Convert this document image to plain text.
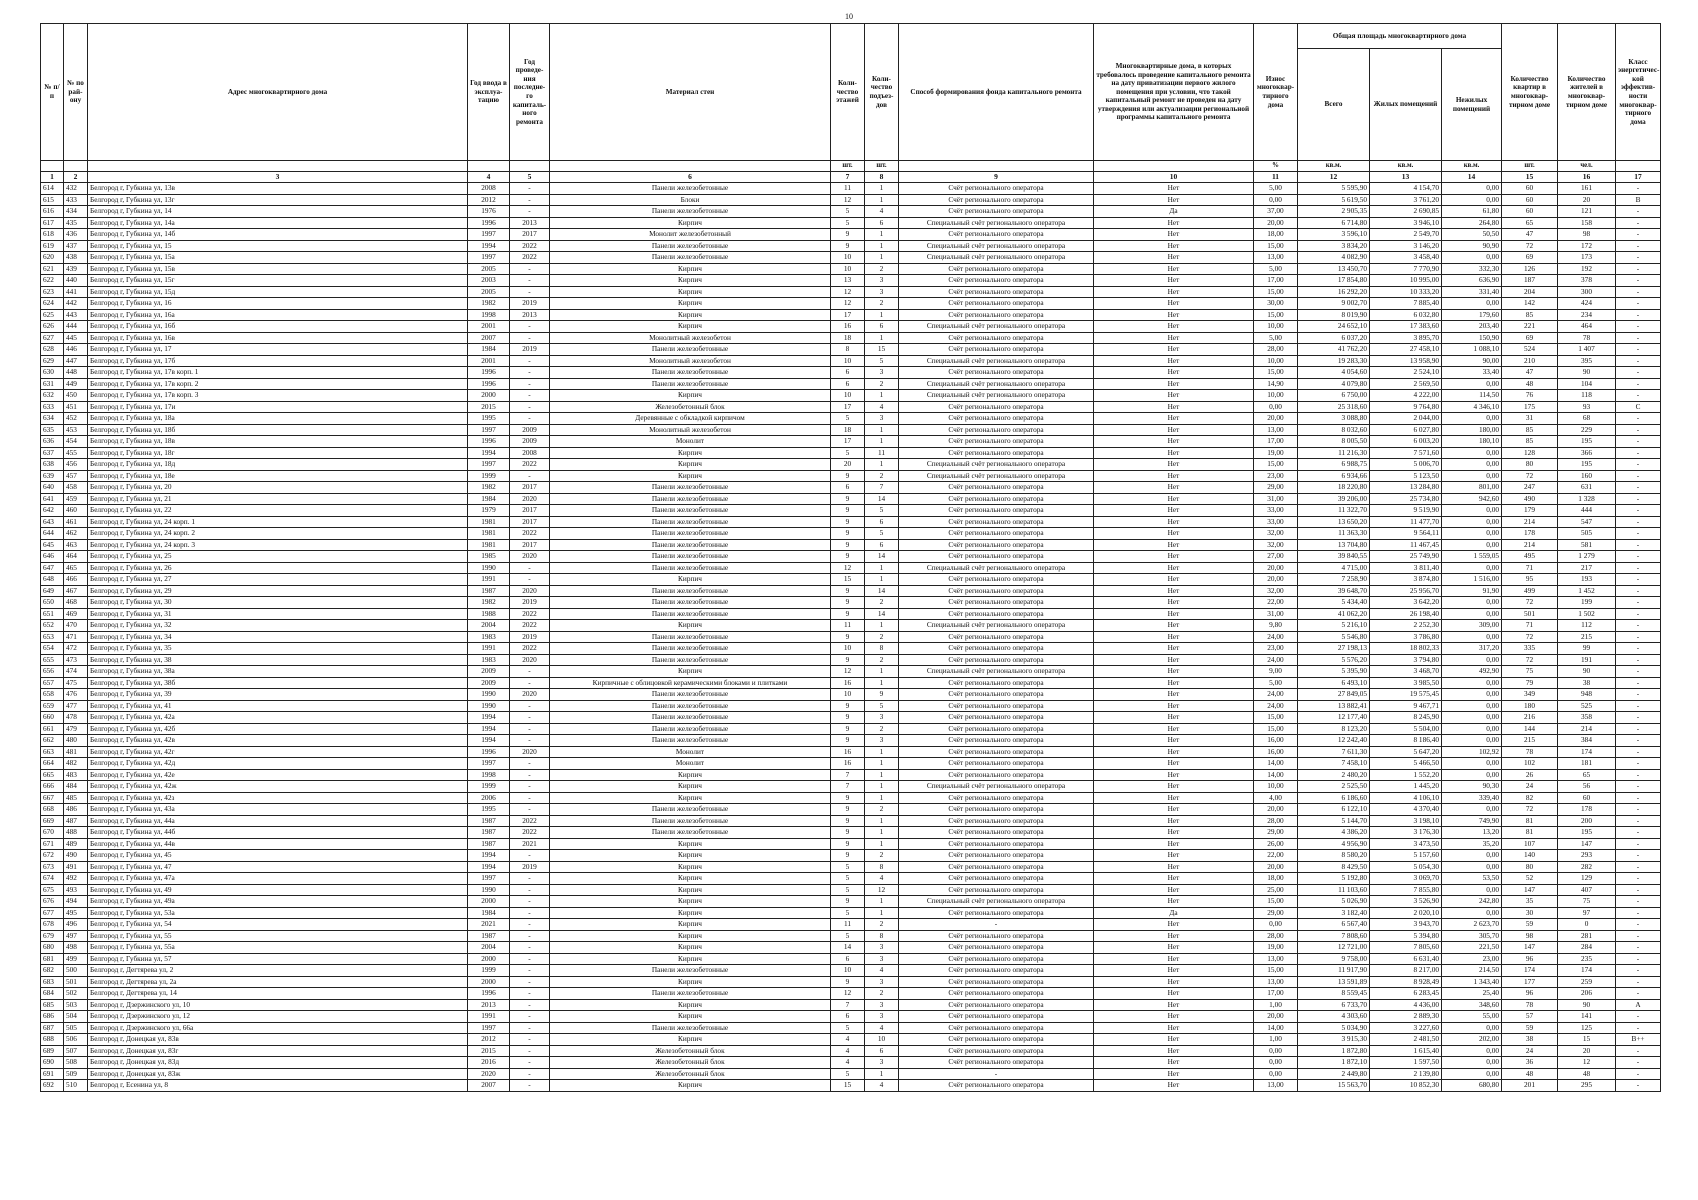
10
№ п/п	№ по рай-ону	Адрес многоквартирного дома	Год ввода в эксплуа-тацию	Год проведе-ния последне-го капиталь-ного ремонта	Материал стен	Коли-чество этажей	Коли-чество подъез-дов	Способ формирования фонда капитального ремонта	Многоквартирные дома, в которых требовалось проведение капитального ремонта на дату приватизации первого жилого помещения при условии, что такой капитальный ремонт не проведен на дату утверждения или актуализации региональной программы капитального ремонта	Износ многоквар-тирного дома	Общая площадь многоквартирного дома			Количество квартир в многоквар-тирном доме	Количество жителей в многоквар-тирном доме	Класс энергетичес-кой эффектив-ности многоквар-тирного дома
											Всего	Жилых помещений	Нежилых помещений			
						шт.	шт.			%	кв.м.	кв.м.	кв.м.	шт.	чел.	
1	2	3	4	5	6	7	8	9	10	11	12	13	14	15	16	17
614	432	Белгород г, Губкина ул, 13в	2008	-	Панели железобетонные	11	1	Счёт регионального оператора	Нет	5,00	5 595,90	4 154,70	0,00	60	161	-
615	433	Белгород г, Губкина ул, 13г	2012	-	Блоки	12	1	Счёт регионального оператора	Нет	0,00	5 619,50	3 761,20	0,00	60	20	В
616	434	Белгород г, Губкина ул, 14	1976	-	Панели железобетонные	5	4	Счёт регионального оператора	Да	37,00	2 905,35	2 690,85	61,80	60	121	-
617	435	Белгород г, Губкина ул, 14а	1996	2013	Кирпич	5	6	Специальный счёт регионального оператора	Нет	20,00	6 714,80	3 946,10	264,80	65	158	-
618	436	Белгород г, Губкина ул, 14б	1997	2017	Монолит железобетонный	9	1	Счёт регионального оператора	Нет	18,00	3 596,10	2 549,70	50,50	47	98	-
619	437	Белгород г, Губкина ул, 15	1994	2022	Панели железобетонные	9	1	Специальный счёт регионального оператора	Нет	15,00	3 834,20	3 146,20	90,90	72	172	-
620	438	Белгород г, Губкина ул, 15а	1997	2022	Панели железобетонные	10	1	Специальный счёт регионального оператора	Нет	13,00	4 082,90	3 458,40	0,00	69	173	-
621	439	Белгород г, Губкина ул, 15в	2005	-	Кирпич	10	2	Счёт регионального оператора	Нет	5,00	13 450,70	7 770,90	332,30	126	192	-
622	440	Белгород г, Губкина ул, 15г	2003	-	Кирпич	13	3	Счёт регионального оператора	Нет	17,00	17 854,80	10 995,00	636,90	187	378	-
623	441	Белгород г, Губкина ул, 15д	2005	-	Кирпич	12	3	Счёт регионального оператора	Нет	15,00	16 292,20	10 333,20	331,40	204	300	-
624	442	Белгород г, Губкина ул, 16	1982	2019	Кирпич	12	2	Счёт регионального оператора	Нет	30,00	9 002,70	7 885,40	0,00	142	424	-
625	443	Белгород г, Губкина ул, 16а	1998	2013	Кирпич	17	1	Счёт регионального оператора	Нет	15,00	8 019,90	6 032,80	179,60	85	234	-
626	444	Белгород г, Губкина ул, 16б	2001	-	Кирпич	16	6	Специальный счёт регионального оператора	Нет	10,00	24 652,10	17 383,60	203,40	221	464	-
627	445	Белгород г, Губкина ул, 16в	2007	-	Монолитный железобетон	18	1	Счёт регионального оператора	Нет	5,00	6 037,20	3 895,70	150,90	69	78	-
628	446	Белгород г, Губкина ул, 17	1984	2019	Панели железобетонные	8	15	Счёт регионального оператора	Нет	28,00	41 762,20	27 458,10	1 088,10	524	1 407	-
629	447	Белгород г, Губкина ул, 17б	2001	-	Монолитный железобетон	10	5	Специальный счёт регионального оператора	Нет	10,00	19 283,30	13 958,90	90,00	210	395	-
630	448	Белгород г, Губкина ул, 17в корп. 1	1996	-	Панели железобетонные	6	3	Счёт регионального оператора	Нет	15,00	4 054,60	2 524,10	33,40	47	90	-
631	449	Белгород г, Губкина ул, 17в корп. 2	1996	-	Панели железобетонные	6	2	Специальный счёт регионального оператора	Нет	14,90	4 079,80	2 569,50	0,00	48	104	-
632	450	Белгород г, Губкина ул, 17в корп. 3	2000	-	Кирпич	10	1	Специальный счёт регионального оператора	Нет	10,00	6 750,00	4 222,00	114,50	76	118	-
633	451	Белгород г, Губкина ул, 17и	2015	-	Железобетонный блок	17	4	Счёт регионального оператора	Нет	0,00	25 318,60	9 764,80	4 346,10	175	93	С
634	452	Белгород г, Губкина ул, 18а	1995	-	Деревянные с обкладкой кирпичом	5	3	Счёт регионального оператора	Нет	20,00	3 088,80	2 044,00	0,00	31	68	-
635	453	Белгород г, Губкина ул, 18б	1997	2009	Монолитный железобетон	18	1	Счёт регионального оператора	Нет	13,00	8 032,60	6 027,80	180,00	85	229	-
636	454	Белгород г, Губкина ул, 18в	1996	2009	Монолит	17	1	Счёт регионального оператора	Нет	17,00	8 005,50	6 003,20	180,10	85	195	-
637	455	Белгород г, Губкина ул, 18г	1994	2008	Кирпич	5	11	Счёт регионального оператора	Нет	19,00	11 216,30	7 571,60	0,00	128	366	-
638	456	Белгород г, Губкина ул, 18д	1997	2022	Кирпич	20	1	Специальный счёт регионального оператора	Нет	15,00	6 988,75	5 006,70	0,00	80	195	-
639	457	Белгород г, Губкина ул, 18е	1999	-	Кирпич	9	2	Специальный счёт регионального оператора	Нет	23,00	6 934,66	5 123,50	0,00	72	160	-
640	458	Белгород г, Губкина ул, 20	1982	2017	Панели железобетонные	6	7	Счёт регионального оператора	Нет	29,00	18 220,80	13 284,80	801,00	247	631	-
641	459	Белгород г, Губкина ул, 21	1984	2020	Панели железобетонные	9	14	Счёт регионального оператора	Нет	31,00	39 206,00	25 734,80	942,60	490	1 328	-
642	460	Белгород г, Губкина ул, 22	1979	2017	Панели железобетонные	9	5	Счёт регионального оператора	Нет	33,00	11 322,70	9 519,90	0,00	179	444	-
643	461	Белгород г, Губкина ул, 24 корп. 1	1981	2017	Панели железобетонные	9	6	Счёт регионального оператора	Нет	33,00	13 650,20	11 477,70	0,00	214	547	-
644	462	Белгород г, Губкина ул, 24 корп. 2	1981	2022	Панели железобетонные	9	5	Счёт регионального оператора	Нет	32,00	11 363,30	9 564,11	0,00	178	505	-
645	463	Белгород г, Губкина ул, 24 корп. 3	1981	2017	Панели железобетонные	9	6	Счёт регионального оператора	Нет	32,00	13 704,80	11 467,45	0,00	214	581	-
646	464	Белгород г, Губкина ул, 25	1985	2020	Панели железобетонные	9	14	Счёт регионального оператора	Нет	27,00	39 840,55	25 749,90	1 559,05	495	1 279	-
647	465	Белгород г, Губкина ул, 26	1990	-	Панели железобетонные	12	1	Специальный счёт регионального оператора	Нет	20,00	4 715,00	3 811,40	0,00	71	217	-
648	466	Белгород г, Губкина ул, 27	1991	-	Кирпич	15	1	Счёт регионального оператора	Нет	20,00	7 258,90	3 874,80	1 516,00	95	193	-
649	467	Белгород г, Губкина ул, 29	1987	2020	Панели железобетонные	9	14	Счёт регионального оператора	Нет	32,00	39 648,70	25 956,70	91,90	499	1 452	-
650	468	Белгород г, Губкина ул, 30	1982	2019	Панели железобетонные	9	2	Счёт регионального оператора	Нет	22,00	5 434,40	3 642,20	0,00	72	199	-
651	469	Белгород г, Губкина ул, 31	1988	2022	Панели железобетонные	9	14	Счёт регионального оператора	Нет	31,00	41 062,20	26 198,40	0,00	501	1 502	-
652	470	Белгород г, Губкина ул, 32	2004	2022	Кирпич	11	1	Специальный счёт регионального оператора	Нет	9,80	5 216,10	2 252,30	309,00	71	112	-
653	471	Белгород г, Губкина ул, 34	1983	2019	Панели железобетонные	9	2	Счёт регионального оператора	Нет	24,00	5 546,80	3 786,80	0,00	72	215	-
654	472	Белгород г, Губкина ул, 35	1991	2022	Панели железобетонные	10	8	Счёт регионального оператора	Нет	23,00	27 198,13	18 802,33	317,20	335	99	-
655	473	Белгород г, Губкина ул, 38	1983	2020	Панели железобетонные	9	2	Счёт регионального оператора	Нет	24,00	5 576,20	3 794,80	0,00	72	191	-
656	474	Белгород г, Губкина ул, 38а	2009	-	Кирпич	12	1	Специальный счёт регионального оператора	Нет	9,00	5 395,90	3 468,70	492,90	75	90	-
657	475	Белгород г, Губкина ул, 38б	2009	-	Кирпичные с облицовкой керамическими блоками и плитками	16	1	Счёт регионального оператора	Нет	5,00	6 493,10	3 985,50	0,00	79	38	-
658	476	Белгород г, Губкина ул, 39	1990	2020	Панели железобетонные	10	9	Счёт регионального оператора	Нет	24,00	27 849,05	19 575,45	0,00	349	948	-
659	477	Белгород г, Губкина ул, 41	1990	-	Панели железобетонные	9	5	Счёт регионального оператора	Нет	24,00	13 882,41	9 467,71	0,00	180	525	-
660	478	Белгород г, Губкина ул, 42а	1994	-	Панели железобетонные	9	3	Счёт регионального оператора	Нет	15,00	12 177,40	8 245,90	0,00	216	358	-
661	479	Белгород г, Губкина ул, 42б	1994	-	Панели железобетонные	9	2	Счёт регионального оператора	Нет	15,00	8 123,20	5 504,00	0,00	144	214	-
662	480	Белгород г, Губкина ул, 42в	1994	-	Панели железобетонные	9	3	Счёт регионального оператора	Нет	16,00	12 242,40	8 186,40	0,00	215	384	-
663	481	Белгород г, Губкина ул, 42г	1996	2020	Монолит	16	1	Счёт регионального оператора	Нет	16,00	7 611,30	5 647,20	102,92	78	174	-
664	482	Белгород г, Губкина ул, 42д	1997	-	Монолит	16	1	Счёт регионального оператора	Нет	14,00	7 458,10	5 466,50	0,00	102	181	-
665	483	Белгород г, Губкина ул, 42е	1998	-	Кирпич	7	1	Счёт регионального оператора	Нет	14,00	2 480,20	1 552,20	0,00	26	65	-
666	484	Белгород г, Губкина ул, 42ж	1999	-	Кирпич	7	1	Специальный счёт регионального оператора	Нет	10,00	2 525,50	1 445,20	90,30	24	56	-
667	485	Белгород г, Губкина ул, 42з	2006	-	Кирпич	9	1	Счёт регионального оператора	Нет	4,00	6 186,60	4 106,10	339,40	82	60	-
668	486	Белгород г, Губкина ул, 43а	1995	-	Панели железобетонные	9	2	Счёт регионального оператора	Нет	20,00	6 122,10	4 370,40	0,00	72	178	-
669	487	Белгород г, Губкина ул, 44а	1987	2022	Панели железобетонные	9	1	Счёт регионального оператора	Нет	28,00	5 144,70	3 198,10	749,90	81	200	-
670	488	Белгород г, Губкина ул, 44б	1987	2022	Панели железобетонные	9	1	Счёт регионального оператора	Нет	29,00	4 386,20	3 176,30	13,20	81	195	-
671	489	Белгород г, Губкина ул, 44в	1987	2021	Кирпич	9	1	Счёт регионального оператора	Нет	26,00	4 956,90	3 473,50	35,20	107	147	-
672	490	Белгород г, Губкина ул, 45	1994	-	Кирпич	9	2	Счёт регионального оператора	Нет	22,00	8 580,20	5 157,60	0,00	140	293	-
673	491	Белгород г, Губкина ул, 47	1994	2019	Кирпич	5	8	Счёт регионального оператора	Нет	20,00	8 429,50	5 054,30	0,00	80	282	-
674	492	Белгород г, Губкина ул, 47а	1997	-	Кирпич	5	4	Счёт регионального оператора	Нет	18,00	5 192,80	3 069,70	53,50	52	129	-
675	493	Белгород г, Губкина ул, 49	1990	-	Кирпич	5	12	Счёт регионального оператора	Нет	25,00	11 103,60	7 855,80	0,00	147	407	-
676	494	Белгород г, Губкина ул, 49а	2000	-	Кирпич	9	1	Специальный счёт регионального оператора	Нет	15,00	5 026,90	3 526,90	242,80	35	75	-
677	495	Белгород г, Губкина ул, 53а	1984	-	Кирпич	5	1	Счёт регионального оператора	Да	29,00	3 182,40	2 020,10	0,00	30	97	-
678	496	Белгород г, Губкина ул, 54	2021	-	Кирпич	11	2	-	Нет	0,00	6 567,40	3 943,70	2 623,70	59	0	-
679	497	Белгород г, Губкина ул, 55	1987	-	Кирпич	5	8	Счёт регионального оператора	Нет	28,00	7 808,60	5 394,80	305,70	98	281	-
680	498	Белгород г, Губкина ул, 55а	2004	-	Кирпич	14	3	Счёт регионального оператора	Нет	19,00	12 721,00	7 805,60	221,50	147	284	-
681	499	Белгород г, Губкина ул, 57	2000	-	Кирпич	6	3	Счёт регионального оператора	Нет	13,00	9 758,00	6 631,40	23,00	96	235	-
682	500	Белгород г, Дегтярева ул, 2	1999	-	Панели железобетонные	10	4	Счёт регионального оператора	Нет	15,00	11 917,90	8 217,00	214,50	174	174	-
683	501	Белгород г, Дегтярева ул, 2а	2000	-	Кирпич	9	3	Счёт регионального оператора	Нет	13,00	13 591,89	8 928,49	1 343,40	177	259	-
684	502	Белгород г, Дегтярева ул, 14	1996	-	Панели железобетонные	12	2	Счёт регионального оператора	Нет	17,00	8 559,45	6 283,45	25,40	96	206	-
685	503	Белгород г, Дзержинского ул, 10	2013	-	Кирпич	7	3	Счёт регионального оператора	Нет	1,00	6 733,70	4 436,00	348,60	78	90	А
686	504	Белгород г, Дзержинского ул, 12	1991	-	Кирпич	6	3	Счёт регионального оператора	Нет	20,00	4 303,60	2 889,30	55,00	57	141	-
687	505	Белгород г, Дзержинского ул, 66а	1997	-	Панели железобетонные	5	4	Счёт регионального оператора	Нет	14,00	5 034,90	3 227,60	0,00	59	125	-
688	506	Белгород г, Донецкая ул, 83в	2012	-	Кирпич	4	10	Счёт регионального оператора	Нет	1,00	3 915,30	2 481,50	202,00	38	15	В++
689	507	Белгород г, Донецкая ул, 83г	2015	-	Железобетонный блок	4	6	Счёт регионального оператора	Нет	0,00	1 872,80	1 615,40	0,00	24	20	-
690	508	Белгород г, Донецкая ул, 83д	2016	-	Железобетонный блок	4	3	Счёт регионального оператора	Нет	0,00	1 872,10	1 597,50	0,00	36	12	-
691	509	Белгород г, Донецкая ул, 83ж	2020	-	Железобетонный блок	5	1	-	Нет	0,00	2 449,80	2 139,80	0,00	48	48	-
692	510	Белгород г, Есенина ул, 8	2007	-	Кирпич	15	4	Счёт регионального оператора	Нет	13,00	15 563,70	10 852,30	680,80	201	295	-
